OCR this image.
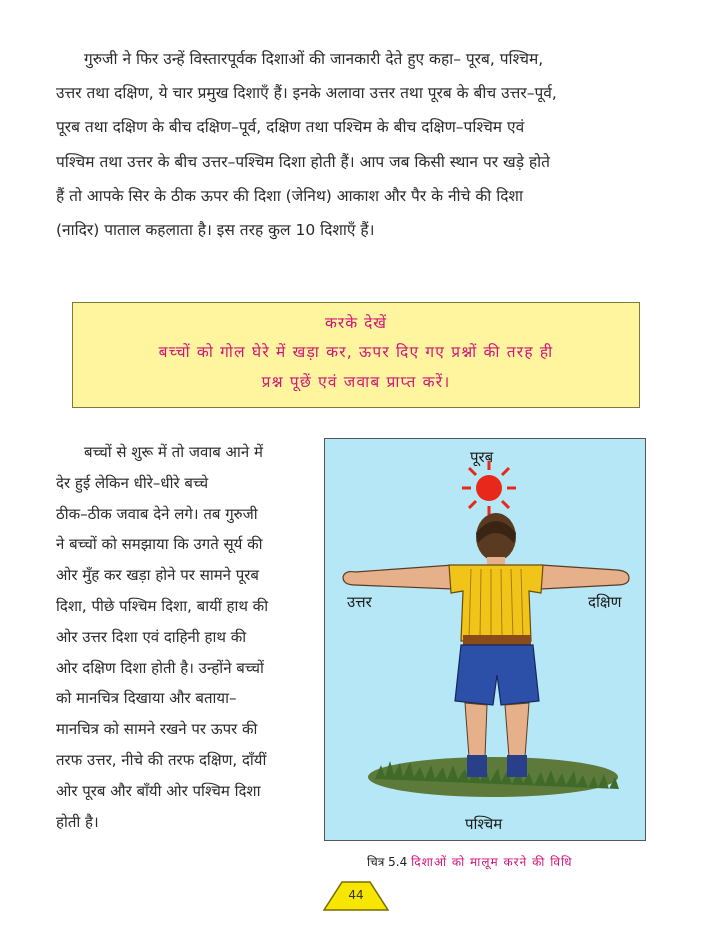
गुरुजी ने फिर उन्हें विस्तारपूर्वक दिशाओं की जानकारी देते हुए कहा– पूरब, पश्चिम,
उत्तर तथा दक्षिण, ये चार प्रमुख दिशाएँ हैं। इनके अलावा उत्तर तथा पूरब के बीच उत्तर–पूर्व,
पूरब तथा दक्षिण के बीच दक्षिण–पूर्व, दक्षिण तथा पश्चिम के बीच दक्षिण–पश्चिम एवं
पश्चिम तथा उत्तर के बीच उत्तर–पश्चिम दिशा होती हैं। आप जब किसी स्थान पर खड़े होते
हैं तो आपके सिर के ठीक ऊपर की दिशा (जेनिथ) आकाश और पैर के नीचे की दिशा
(नादिर) पाताल कहलाता है। इस तरह कुल 10 दिशाएँ हैं।
करके देखें
बच्चों को गोल घेरे में खड़ा कर, ऊपर दिए गए प्रश्नों की तरह ही
प्रश्न पूछें एवं जवाब प्राप्त करें।
बच्चों से शुरू में तो जवाब आने में
देर हुई लेकिन धीरे–धीरे बच्चे
ठीक–ठीक जवाब देने लगे। तब गुरुजी
ने बच्चों को समझाया कि उगते सूर्य की
ओर मुँह कर खड़ा होने पर सामने पूरब
दिशा, पीछे पश्चिम दिशा, बायीं हाथ की
ओर उत्तर दिशा एवं दाहिनी हाथ की
ओर दक्षिण दिशा होती है। उन्होंने बच्चों
को मानचित्र दिखाया और बताया–
मानचित्र को सामने रखने पर ऊपर की
तरफ उत्तर, नीचे की तरफ दक्षिण, दाँयीं
ओर पूरब और बाँयी ओर पश्चिम दिशा
होती है।
पूरब
उत्तर	दक्षिण
पश्चिम
चित्र 5.4 दिशाओं को मालूम करने की विधि
44
